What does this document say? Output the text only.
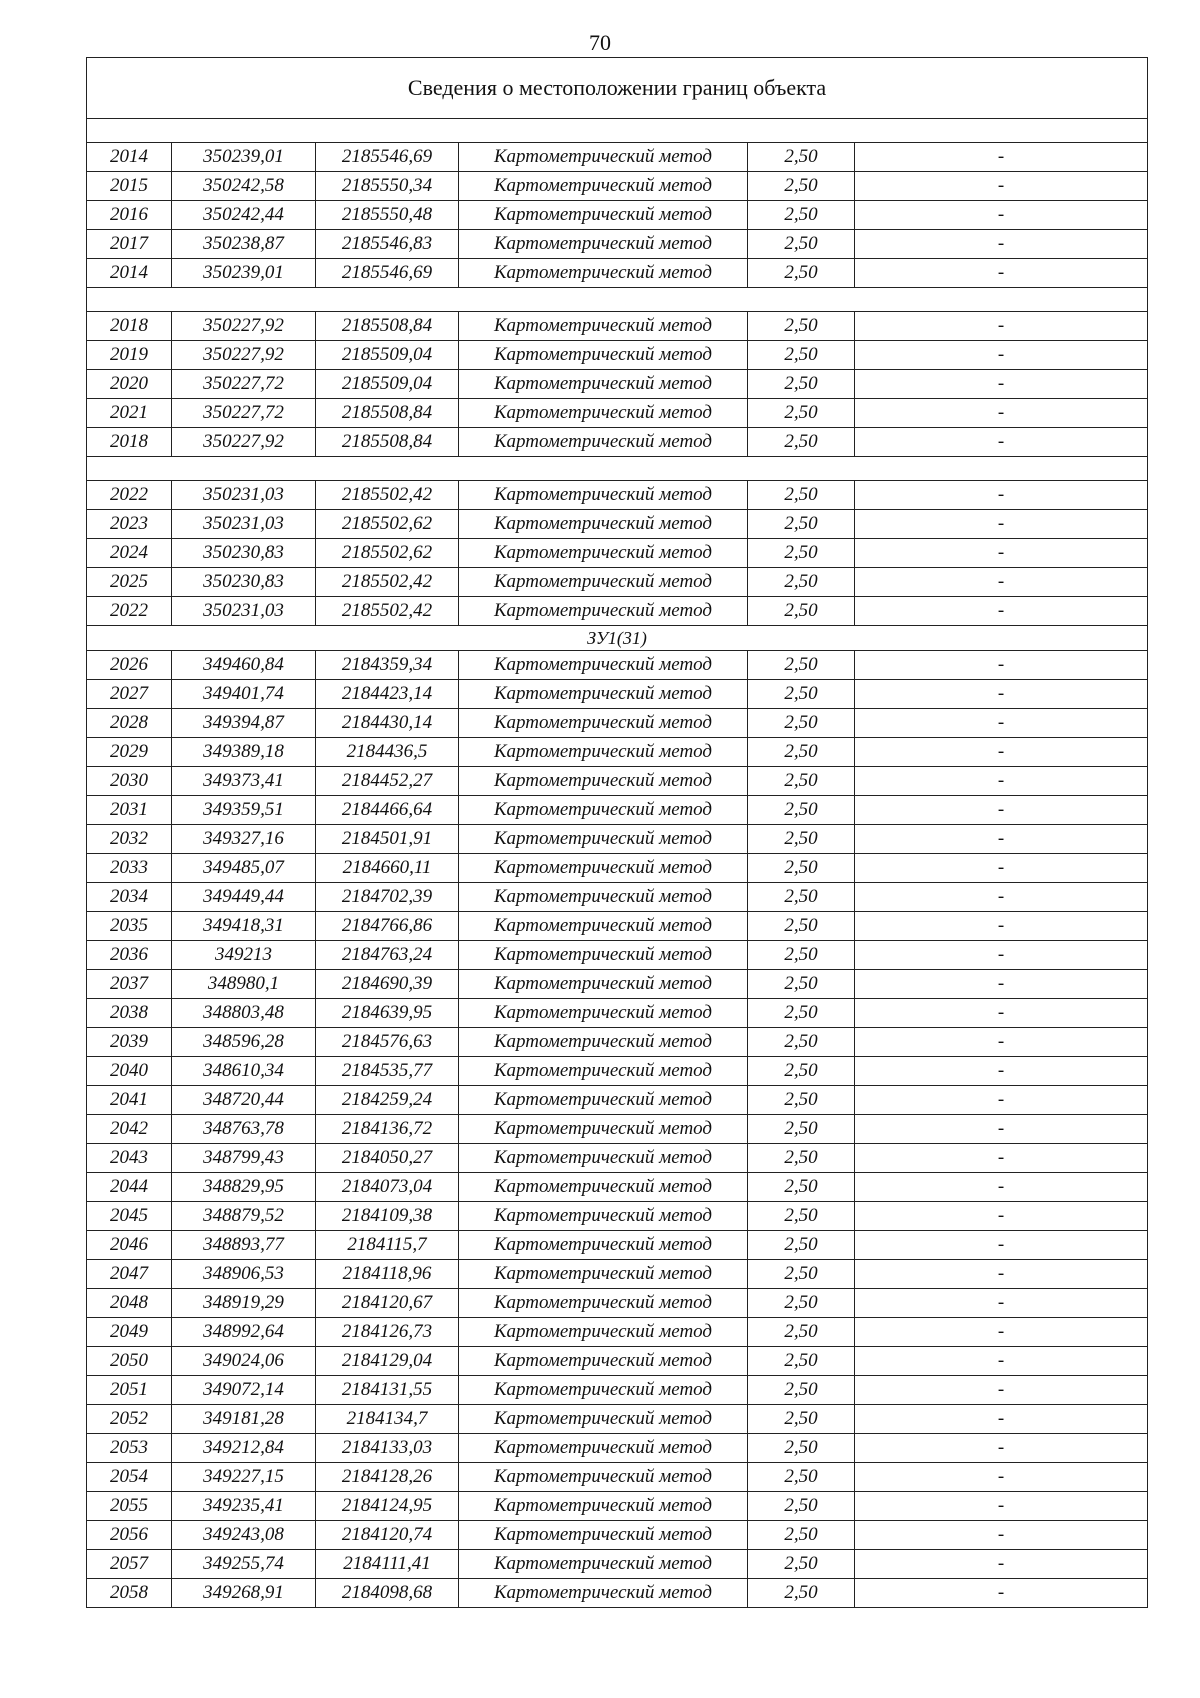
70
Сведения о местоположении границ объекта					

2014	350239,01	2185546,69	Картометрический метод	2,50	-
2015	350242,58	2185550,34	Картометрический метод	2,50	-
2016	350242,44	2185550,48	Картометрический метод	2,50	-
2017	350238,87	2185546,83	Картометрический метод	2,50	-
2014	350239,01	2185546,69	Картометрический метод	2,50	-

2018	350227,92	2185508,84	Картометрический метод	2,50	-
2019	350227,92	2185509,04	Картометрический метод	2,50	-
2020	350227,72	2185509,04	Картометрический метод	2,50	-
2021	350227,72	2185508,84	Картометрический метод	2,50	-
2018	350227,92	2185508,84	Картометрический метод	2,50	-

2022	350231,03	2185502,42	Картометрический метод	2,50	-
2023	350231,03	2185502,62	Картометрический метод	2,50	-
2024	350230,83	2185502,62	Картометрический метод	2,50	-
2025	350230,83	2185502,42	Картометрический метод	2,50	-
2022	350231,03	2185502,42	Картометрический метод	2,50	-
ЗУ1(31)					
2026	349460,84	2184359,34	Картометрический метод	2,50	-
2027	349401,74	2184423,14	Картометрический метод	2,50	-
2028	349394,87	2184430,14	Картометрический метод	2,50	-
2029	349389,18	2184436,5	Картометрический метод	2,50	-
2030	349373,41	2184452,27	Картометрический метод	2,50	-
2031	349359,51	2184466,64	Картометрический метод	2,50	-
2032	349327,16	2184501,91	Картометрический метод	2,50	-
2033	349485,07	2184660,11	Картометрический метод	2,50	-
2034	349449,44	2184702,39	Картометрический метод	2,50	-
2035	349418,31	2184766,86	Картометрический метод	2,50	-
2036	349213	2184763,24	Картометрический метод	2,50	-
2037	348980,1	2184690,39	Картометрический метод	2,50	-
2038	348803,48	2184639,95	Картометрический метод	2,50	-
2039	348596,28	2184576,63	Картометрический метод	2,50	-
2040	348610,34	2184535,77	Картометрический метод	2,50	-
2041	348720,44	2184259,24	Картометрический метод	2,50	-
2042	348763,78	2184136,72	Картометрический метод	2,50	-
2043	348799,43	2184050,27	Картометрический метод	2,50	-
2044	348829,95	2184073,04	Картометрический метод	2,50	-
2045	348879,52	2184109,38	Картометрический метод	2,50	-
2046	348893,77	2184115,7	Картометрический метод	2,50	-
2047	348906,53	2184118,96	Картометрический метод	2,50	-
2048	348919,29	2184120,67	Картометрический метод	2,50	-
2049	348992,64	2184126,73	Картометрический метод	2,50	-
2050	349024,06	2184129,04	Картометрический метод	2,50	-
2051	349072,14	2184131,55	Картометрический метод	2,50	-
2052	349181,28	2184134,7	Картометрический метод	2,50	-
2053	349212,84	2184133,03	Картометрический метод	2,50	-
2054	349227,15	2184128,26	Картометрический метод	2,50	-
2055	349235,41	2184124,95	Картометрический метод	2,50	-
2056	349243,08	2184120,74	Картометрический метод	2,50	-
2057	349255,74	2184111,41	Картометрический метод	2,50	-
2058	349268,91	2184098,68	Картометрический метод	2,50	-
